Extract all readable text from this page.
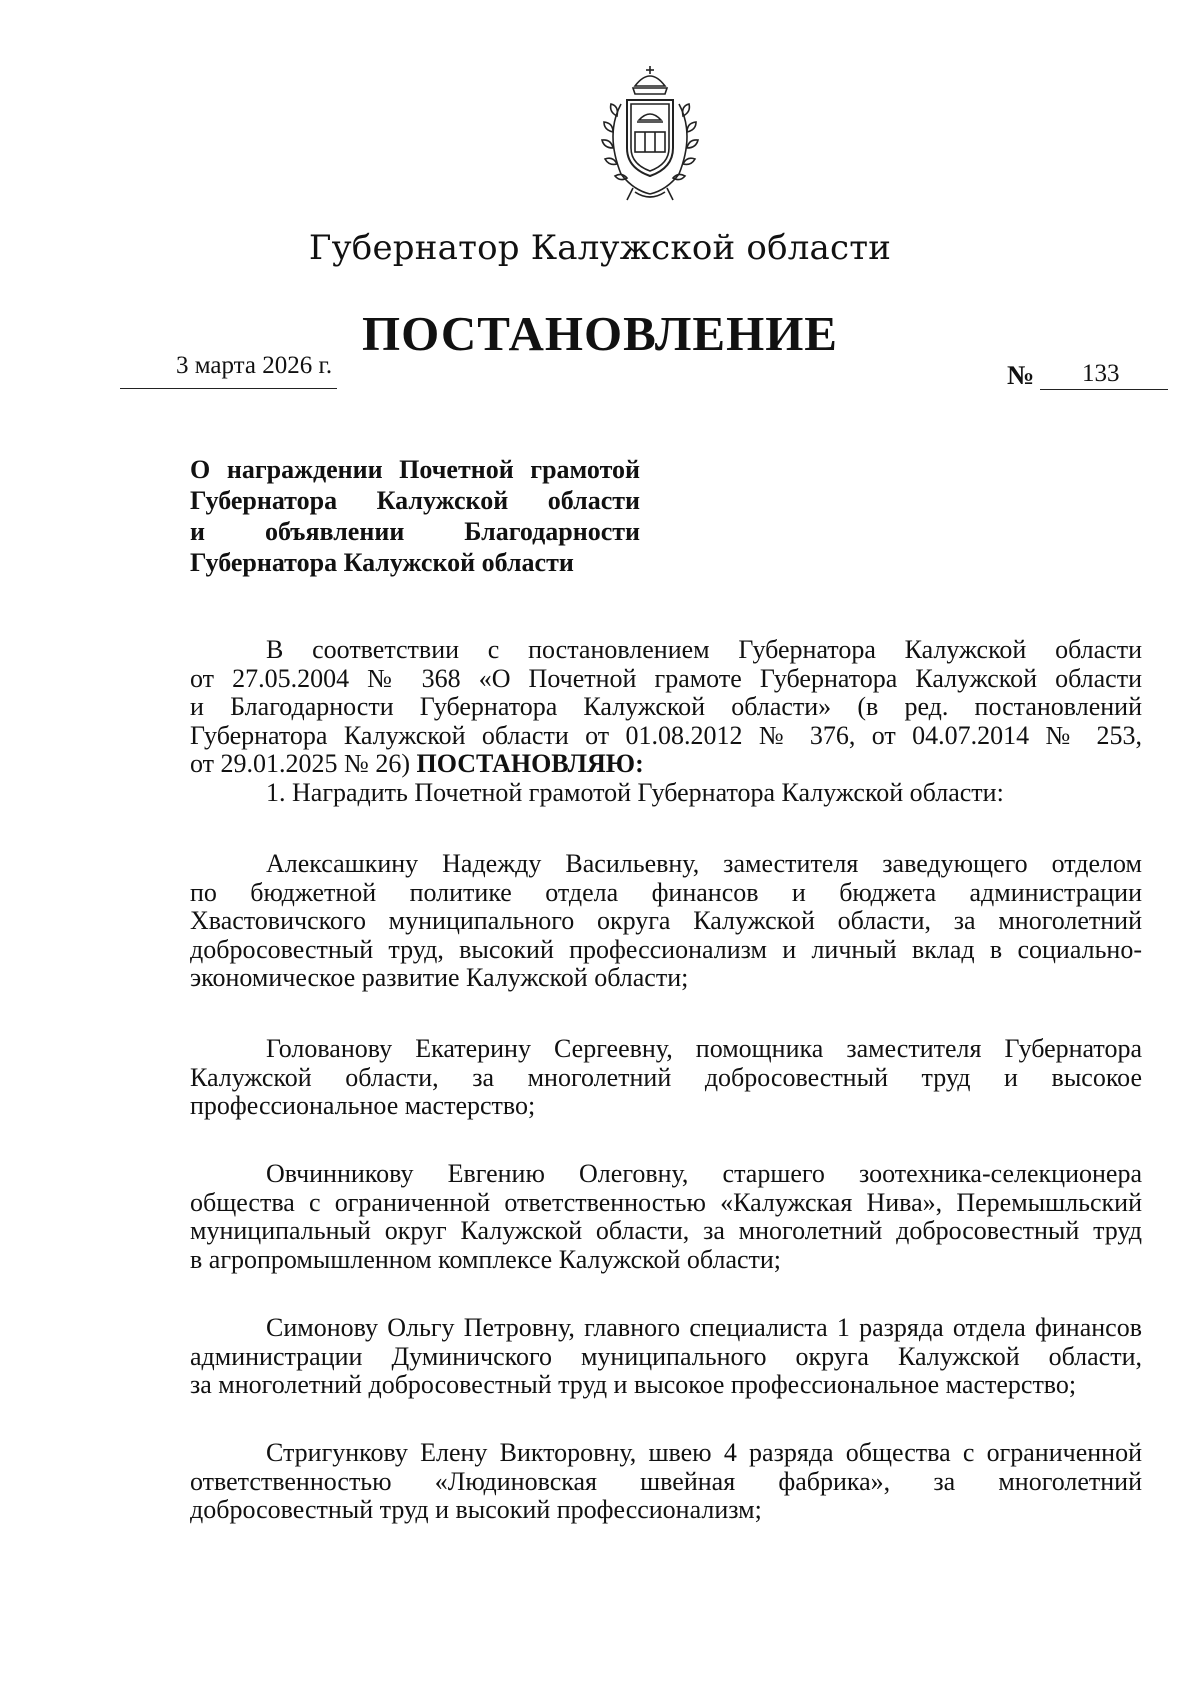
Губернатор Калужской области
ПОСТАНОВЛЕНИЕ
3 марта 2026 г.	№ 133
О награждении Почетной грамотой
Губернатора Калужской области
и объявлении Благодарности
Губернатора Калужской области
В соответствии с постановлением Губернатора Калужской области
от 27.05.2004 № 368 «О Почетной грамоте Губернатора Калужской области
и Благодарности Губернатора Калужской области» (в ред. постановлений
Губернатора Калужской области от 01.08.2012 № 376, от 04.07.2014 № 253,
от 29.01.2025 № 26) ПОСТАНОВЛЯЮ:
1. Наградить Почетной грамотой Губернатора Калужской области:
Алексашкину Надежду Васильевну, заместителя заведующего отделом
по бюджетной политике отдела финансов и бюджета администрации
Хвастовичского муниципального округа Калужской области, за многолетний
добросовестный труд, высокий профессионализм и личный вклад в социально-
экономическое развитие Калужской области;
Голованову Екатерину Сергеевну, помощника заместителя Губернатора
Калужской области, за многолетний добросовестный труд и высокое
профессиональное мастерство;
Овчинникову Евгению Олеговну, старшего зоотехника-селекционера
общества с ограниченной ответственностью «Калужская Нива», Перемышльский
муниципальный округ Калужской области, за многолетний добросовестный труд
в агропромышленном комплексе Калужской области;
Симонову Ольгу Петровну, главного специалиста 1 разряда отдела финансов
администрации Думиничского муниципального округа Калужской области,
за многолетний добросовестный труд и высокое профессиональное мастерство;
Стригункову Елену Викторовну, швею 4 разряда общества с ограниченной
ответственностью «Людиновская швейная фабрика», за многолетний
добросовестный труд и высокий профессионализм;
